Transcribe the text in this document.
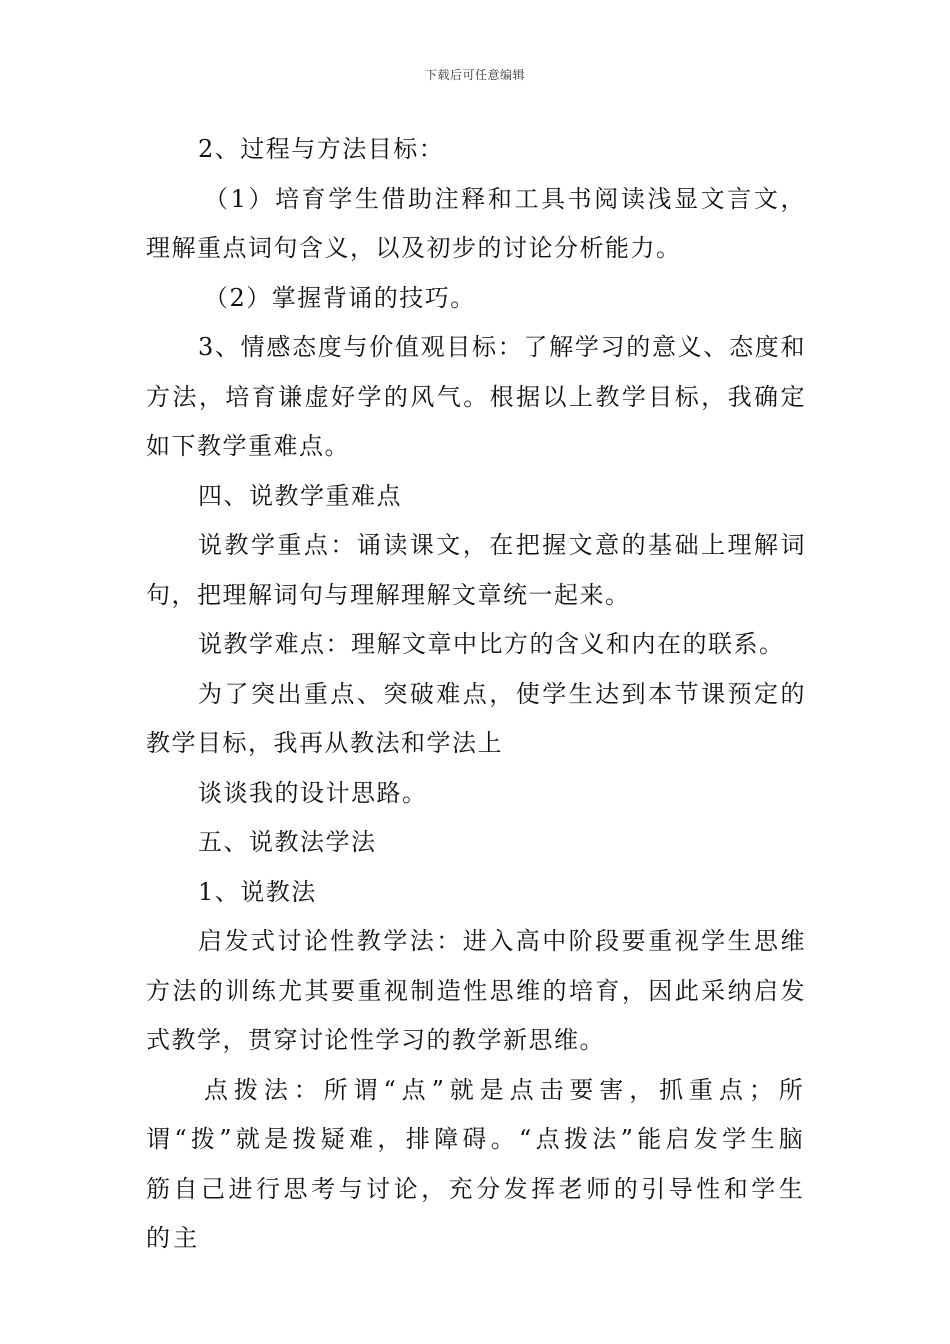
下载后可任意编辑

2、过程与方法目标：

（1）培育学生借助注释和工具书阅读浅显文言文，理解重点词句含义，以及初步的讨论分析能力。

（2）掌握背诵的技巧。

3、情感态度与价值观目标：了解学习的意义、态度和方法，培育谦虚好学的风气。根据以上教学目标，我确定如下教学重难点。

四、说教学重难点

说教学重点：诵读课文，在把握文意的基础上理解词句，把理解词句与理解理解文章统一起来。

说教学难点：理解文章中比方的含义和内在的联系。

为了突出重点、突破难点，使学生达到本节课预定的教学目标，我再从教法和学法上

谈谈我的设计思路。

五、说教法学法

1、说教法

启发式讨论性教学法：进入高中阶段要重视学生思维方法的训练尤其要重视制造性思维的培育，因此采纳启发式教学，贯穿讨论性学习的教学新思维。

点拨法：所谓“点”就是点击要害，抓重点；所谓“拨”就是拨疑难，排障碍。“点拨法”能启发学生脑筋自己进行思考与讨论，充分发挥老师的引导性和学生的主
